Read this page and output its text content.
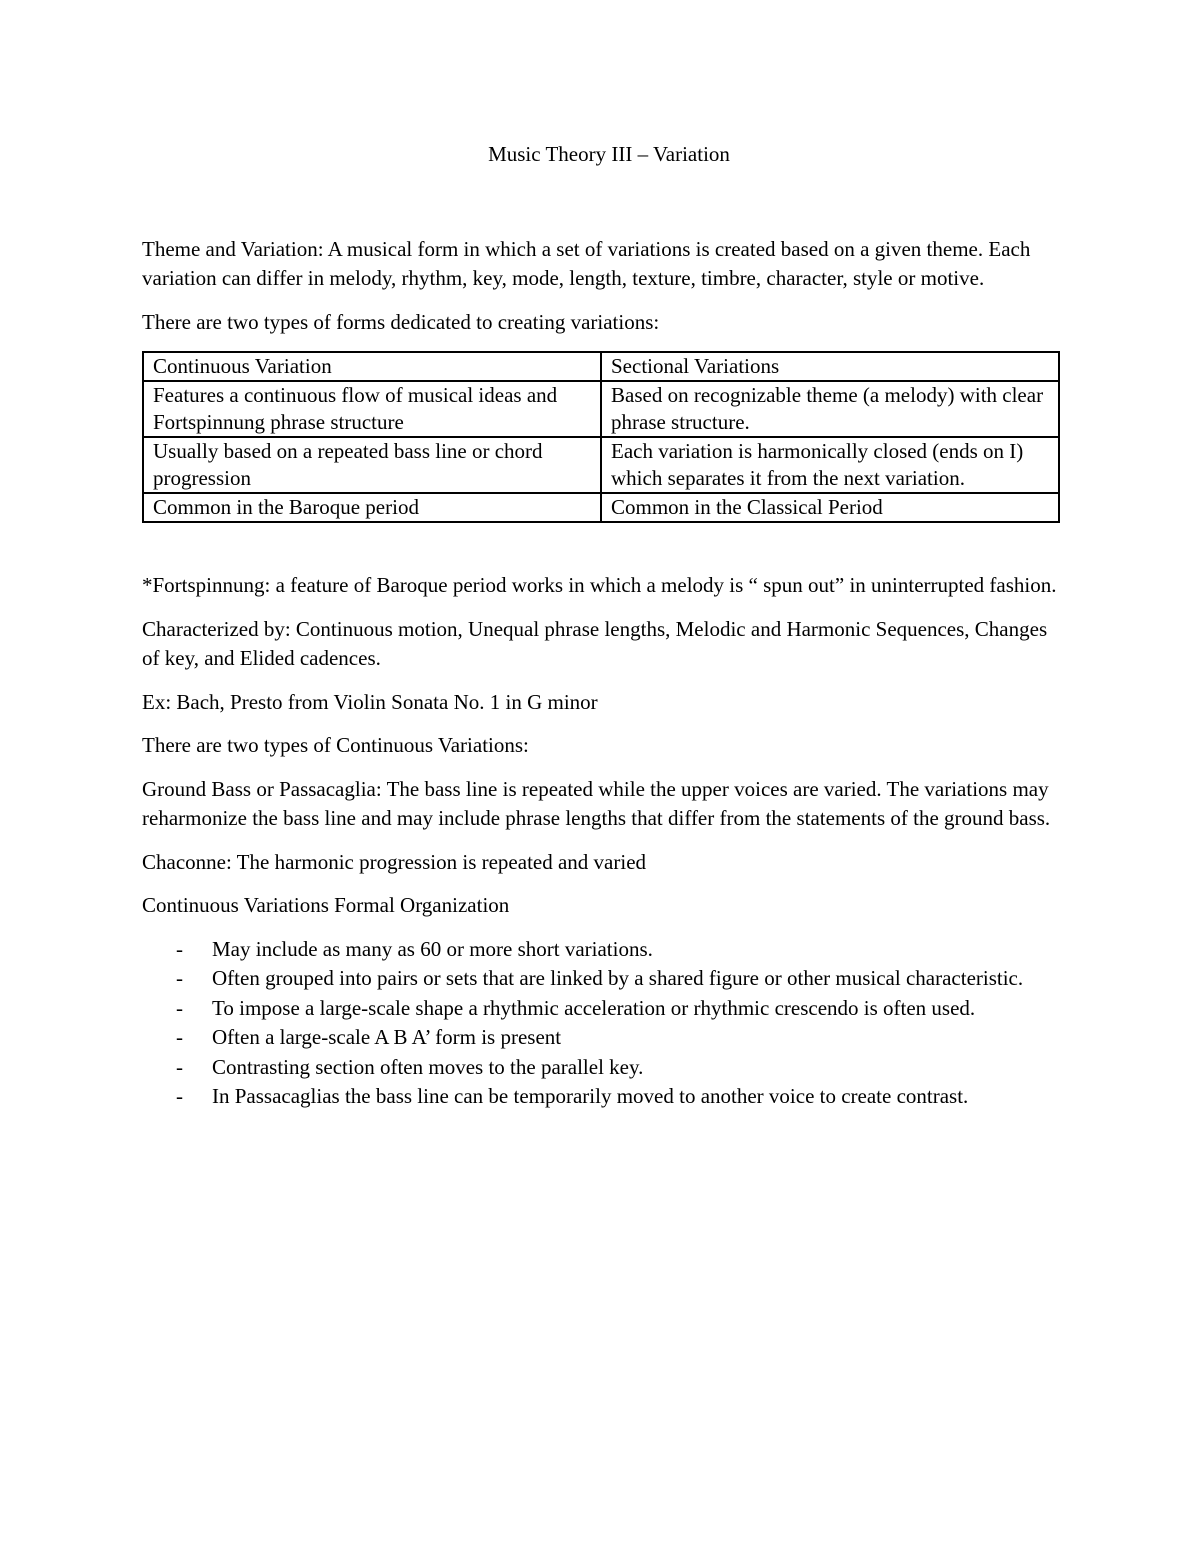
Music Theory III – Variation

Theme and Variation: A musical form in which a set of variations is created based on a given theme. Each variation can differ in melody, rhythm, key, mode, length, texture, timbre, character, style or motive.

There are two types of forms dedicated to creating variations:

Continuous Variation	Sectional Variations
Features a continuous flow of musical ideas and Fortspinnung phrase structure	Based on recognizable theme (a melody) with clear phrase structure.
Usually based on a repeated bass line or chord progression	Each variation is harmonically closed (ends on I) which separates it from the next variation.
Common in the Baroque period	Common in the Classical Period

*Fortspinnung: a feature of Baroque period works in which a melody is “ spun out” in uninterrupted fashion.

Characterized by: Continuous motion, Unequal phrase lengths, Melodic and Harmonic Sequences, Changes of key, and Elided cadences.

Ex: Bach, Presto from Violin Sonata No. 1 in G minor

There are two types of Continuous Variations:

Ground Bass or Passacaglia: The bass line is repeated while the upper voices are varied. The variations may reharmonize the bass line and may include phrase lengths that differ from the statements of the ground bass.

Chaconne: The harmonic progression is repeated and varied

Continuous Variations Formal Organization

- May include as many as 60 or more short variations.
- Often grouped into pairs or sets that are linked by a shared figure or other musical characteristic.
- To impose a large-scale shape a rhythmic acceleration or rhythmic crescendo is often used.
- Often a large-scale A B A’ form is present
- Contrasting section often moves to the parallel key.
- In Passacaglias the bass line can be temporarily moved to another voice to create contrast.
